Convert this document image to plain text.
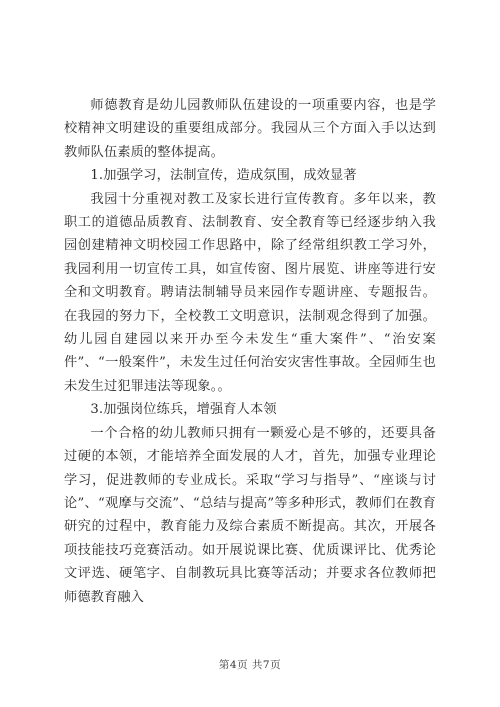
师德教育是幼儿园教师队伍建设的一项重要内容，也是学校精神文明建设的重要组成部分。我园从三个方面入手以达到教师队伍素质的整体提高。

1.加强学习，法制宣传，造成氛围，成效显著

我园十分重视对教工及家长进行宣传教育。多年以来，教职工的道德品质教育、法制教育、安全教育等已经逐步纳入我园创建精神文明校园工作思路中，除了经常组织教工学习外，我园利用一切宣传工具，如宣传窗、图片展览、讲座等进行安全和文明教育。聘请法制辅导员来园作专题讲座、专题报告。在我园的努力下，全校教工文明意识，法制观念得到了加强。幼儿园自建园以来开办至今未发生“重大案件”、“治安案件”、“一般案件”，未发生过任何治安灾害性事故。全园师生也未发生过犯罪违法等现象。。

3.加强岗位练兵，增强育人本领

一个合格的幼儿教师只拥有一颗爱心是不够的，还要具备过硬的本领，才能培养全面发展的人才，首先，加强专业理论学习，促进教师的专业成长。采取“学习与指导”、“座谈与讨论”、“观摩与交流”、“总结与提高”等多种形式，教师们在教育研究的过程中，教育能力及综合素质不断提高。其次，开展各项技能技巧竞赛活动。如开展说课比赛、优质课评比、优秀论文评选、硬笔字、自制教玩具比赛等活动；并要求各位教师把师德教育融入

第4页 共7页
